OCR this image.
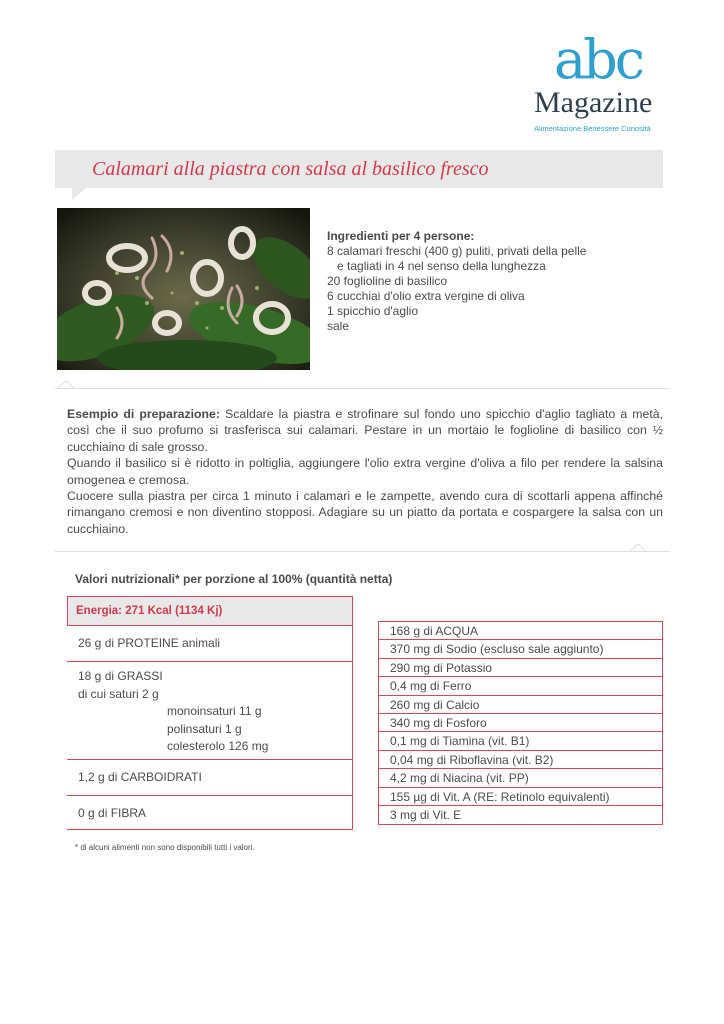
abc
Magazine
Alimentazione Benessere Curiosità
Calamari alla piastra con salsa al basilico fresco
Ingredienti per 4 persone:
8 calamari freschi (400 g) puliti, privati della pelle
e tagliati in 4 nel senso della lunghezza
20 foglioline di basilico
6 cucchiai d'olio extra vergine di oliva
1 spicchio d'aglio
sale

Esempio di preparazione: Scaldare la piastra e strofinare sul fondo uno spicchio d'aglio tagliato a metà, così che il suo profumo si trasferisca sui calamari. Pestare in un mortaio le foglioline di basilico con ½ cucchiaino di sale grosso.

Quando il basilico si è ridotto in poltiglia, aggiungere l'olio extra vergine d'oliva a filo per rendere la salsina omogenea e cremosa.

Cuocere sulla piastra per circa 1 minuto i calamari e le zampette, avendo cura di scottarli appena affinché rimangano cremosi e non diventino stopposi. Adagiare su un piatto da portata e cospargere la salsa con un cucchiaino.

Valori nutrizionali* per porzione al 100% (quantità netta)
Energia: 271 Kcal (1134 Kj)
26 g di PROTEINE animali
18 g di GRASSI
di cui saturi 2 g
monoinsaturi 11 g
polinsaturi 1 g
colesterolo 126 mg
1,2 g di CARBOIDRATI
0 g di FIBRA
168 g di ACQUA
370 mg di Sodio (escluso sale aggiunto)
290 mg di Potassio
0,4 mg di Ferro
260 mg di Calcio
340 mg di Fosforo
0,1 mg di Tiamina (vit. B1)
0,04 mg di Riboflavina (vit. B2)
4,2 mg di Niacina (vit. PP)
155 µg di Vit. A (RE: Retinolo equivalenti)
3 mg di Vit. E
* di alcuni alimenti non sono disponibili tutti i valori.
